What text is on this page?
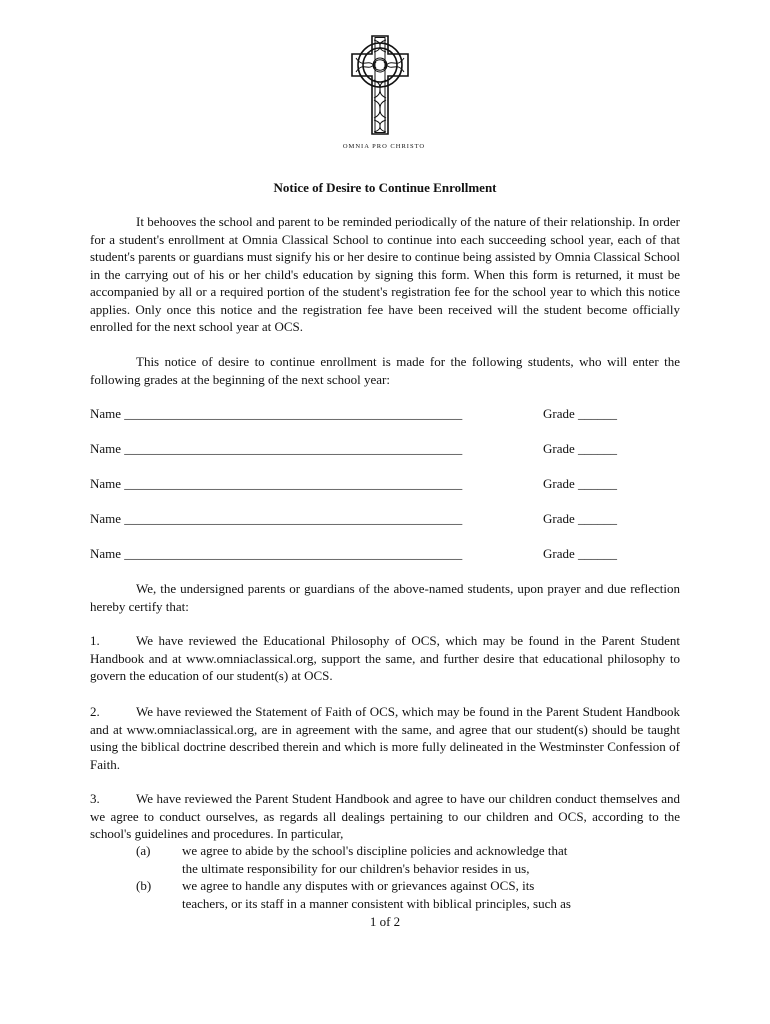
OMNIA PRO CHRISTO
Notice of Desire to Continue Enrollment

It behooves the school and parent to be reminded periodically of the nature of their relationship. In order for a student's enrollment at Omnia Classical School to continue into each succeeding school year, each of that student's parents or guardians must signify his or her desire to continue being assisted by Omnia Classical School in the carrying out of his or her child's education by signing this form. When this form is returned, it must be accompanied by all or a required portion of the student's registration fee for the school year to which this notice applies. Only once this notice and the registration fee have been received will the student become officially enrolled for the next school year at OCS.

This notice of desire to continue enrollment is made for the following students, who will enter the following grades at the beginning of the next school year:

Name ____________________________________________________	Grade ______
Name ____________________________________________________	Grade ______
Name ____________________________________________________	Grade ______
Name ____________________________________________________	Grade ______
Name ____________________________________________________	Grade ______

We, the undersigned parents or guardians of the above-named students, upon prayer and due reflection hereby certify that:

1.	We have reviewed the Educational Philosophy of OCS, which may be found in the Parent Student Handbook and at www.omniaclassical.org, support the same, and further desire that educational philosophy to govern the education of our student(s) at OCS.

2.	We have reviewed the Statement of Faith of OCS, which may be found in the Parent Student Handbook and at www.omniaclassical.org, are in agreement with the same, and agree that our student(s) should be taught using the biblical doctrine described therein and which is more fully delineated in the Westminster Confession of Faith.

3.	We have reviewed the Parent Student Handbook and agree to have our children conduct themselves and we agree to conduct ourselves, as regards all dealings pertaining to our children and OCS, according to the school's guidelines and procedures. In particular,

(a) we agree to abide by the school's discipline policies and acknowledge that
the ultimate responsibility for our children's behavior resides in us,
(b) we agree to handle any disputes with or grievances against OCS, its
teachers, or its staff in a manner consistent with biblical principles, such as
1 of 2
